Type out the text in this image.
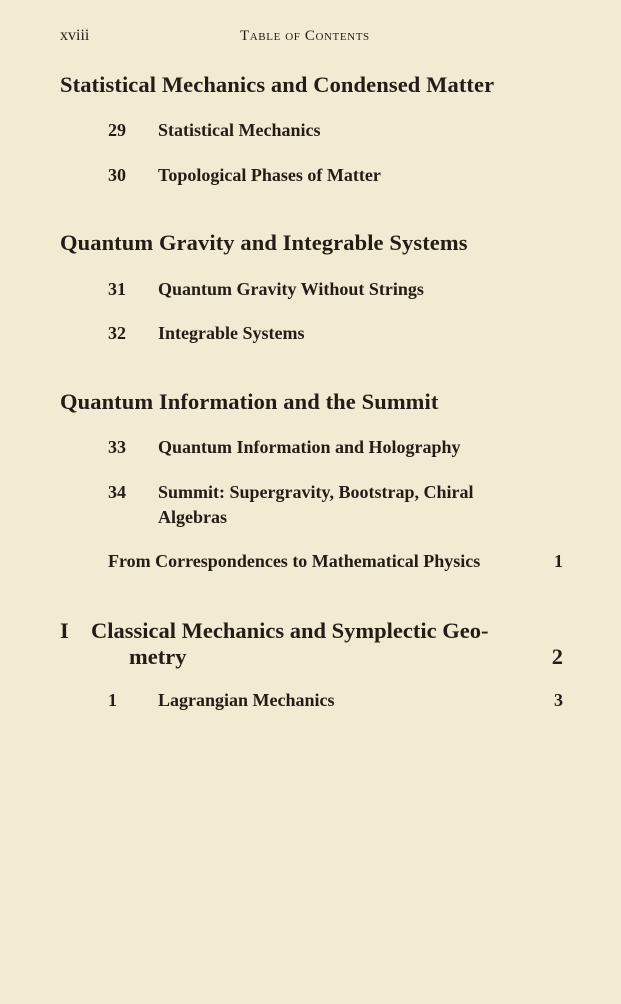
xviii	Table of Contents
Statistical Mechanics and Condensed Matter
29 Statistical Mechanics
30 Topological Phases of Matter
Quantum Gravity and Integrable Systems
31 Quantum Gravity Without Strings
32 Integrable Systems
Quantum Information and the Summit
33 Quantum Information and Holography
34 Summit: Supergravity, Bootstrap, Chiral
Algebras
From Correspondences to Mathematical Physics	1
I Classical Mechanics and Symplectic Geo-
metry	2
1 Lagrangian Mechanics	3
